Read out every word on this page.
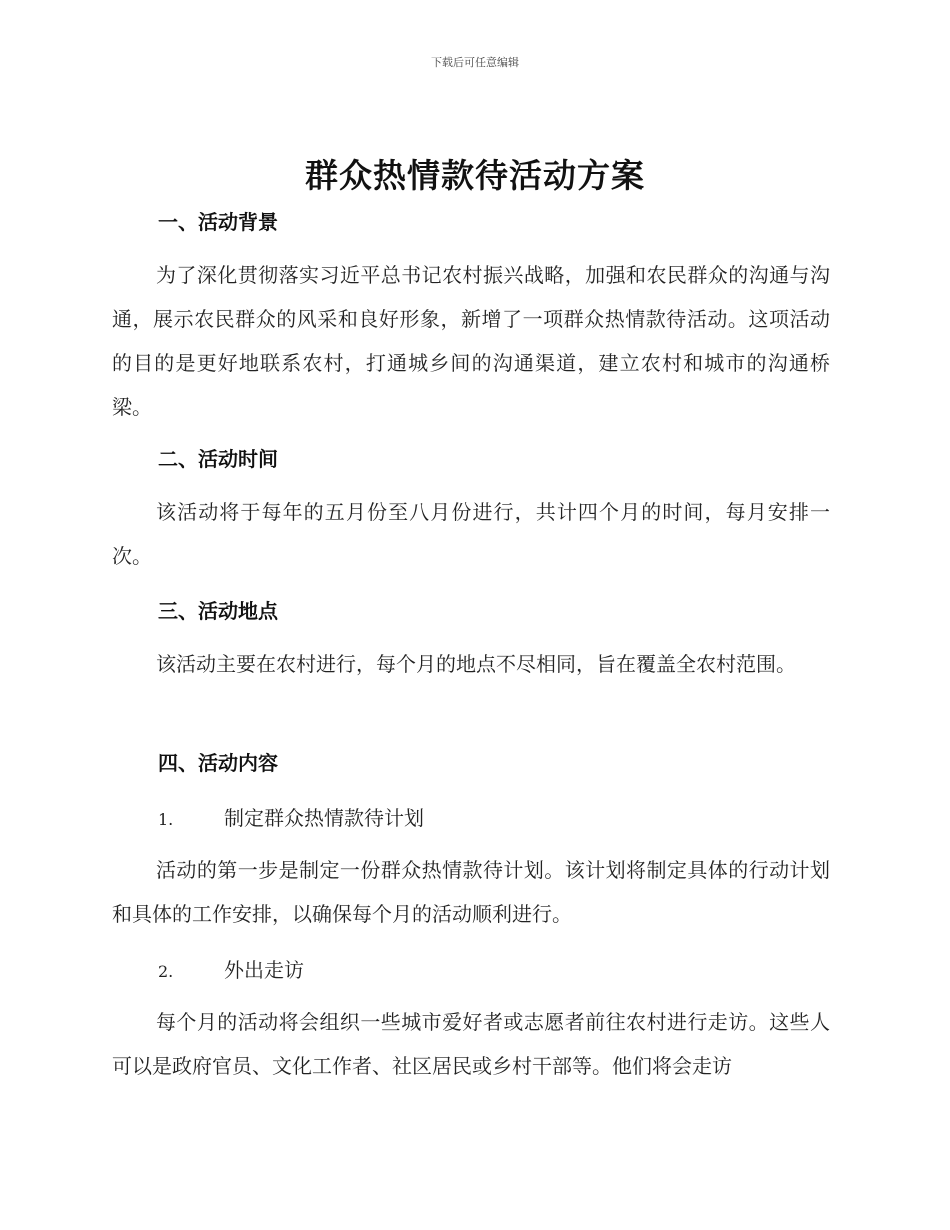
下载后可任意编辑
群众热情款待活动方案
一、活动背景

为了深化贯彻落实习近平总书记农村振兴战略，加强和农民群众的沟通与沟通，展示农民群众的风采和良好形象，新增了一项群众热情款待活动。这项活动的目的是更好地联系农村，打通城乡间的沟通渠道，建立农村和城市的沟通桥梁。

二、活动时间

该活动将于每年的五月份至八月份进行，共计四个月的时间，每月安排一次。

三、活动地点

该活动主要在农村进行，每个月的地点不尽相同，旨在覆盖全农村范围。

四、活动内容
1.	制定群众热情款待计划

活动的第一步是制定一份群众热情款待计划。该计划将制定具体的行动计划和具体的工作安排，以确保每个月的活动顺利进行。

2.	外出走访

每个月的活动将会组织一些城市爱好者或志愿者前往农村进行走访。这些人可以是政府官员、文化工作者、社区居民或乡村干部等。他们将会走访
